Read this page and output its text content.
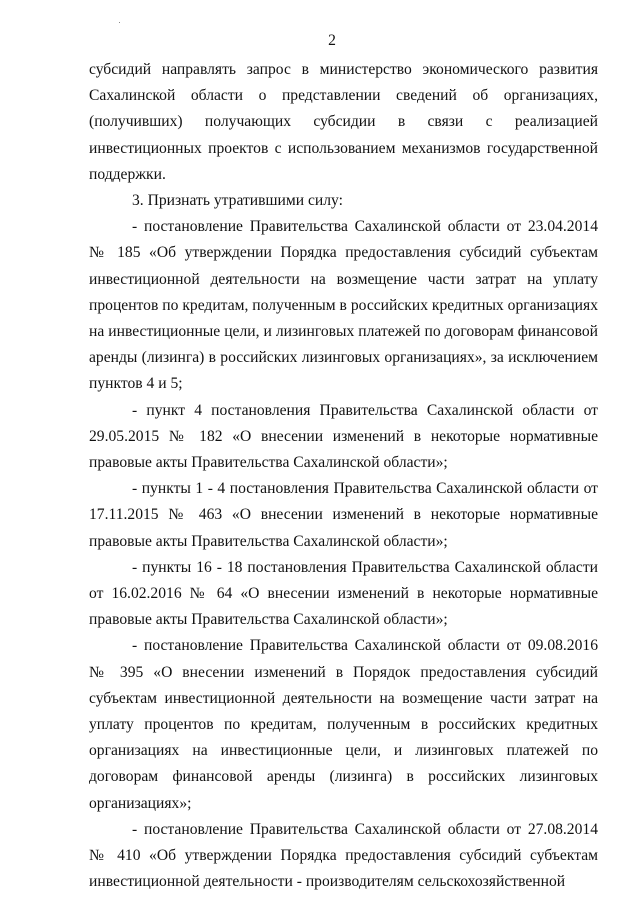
2

субсидий направлять запрос в министерство экономического развития Сахалинской области о представлении сведений об организациях, (получивших) получающих субсидии в связи с реализацией инвестиционных проектов с использованием механизмов государственной поддержки.

3. Признать утратившими силу:

- постановление Правительства Сахалинской области от 23.04.2014 № 185 «Об утверждении Порядка предоставления субсидий субъектам инвестиционной деятельности на возмещение части затрат на уплату процентов по кредитам, полученным в российских кредитных организациях на инвестиционные цели, и лизинговых платежей по договорам финансовой аренды (лизинга) в российских лизинговых организациях», за исключением пунктов 4 и 5;

- пункт 4 постановления Правительства Сахалинской области от 29.05.2015 № 182 «О внесении изменений в некоторые нормативные правовые акты Правительства Сахалинской области»;

- пункты 1 - 4 постановления Правительства Сахалинской области от 17.11.2015 № 463 «О внесении изменений в некоторые нормативные правовые акты Правительства Сахалинской области»;

- пункты 16 - 18 постановления Правительства Сахалинской области от 16.02.2016 № 64 «О внесении изменений в некоторые нормативные правовые акты Правительства Сахалинской области»;

- постановление Правительства Сахалинской области от 09.08.2016 № 395 «О внесении изменений в Порядок предоставления субсидий субъектам инвестиционной деятельности на возмещение части затрат на уплату процентов по кредитам, полученным в российских кредитных организациях на инвестиционные цели, и лизинговых платежей по договорам финансовой аренды (лизинга) в российских лизинговых организациях»;

- постановление Правительства Сахалинской области от 27.08.2014 № 410 «Об утверждении Порядка предоставления субсидий субъектам инвестиционной деятельности - производителям сельскохозяйственной
